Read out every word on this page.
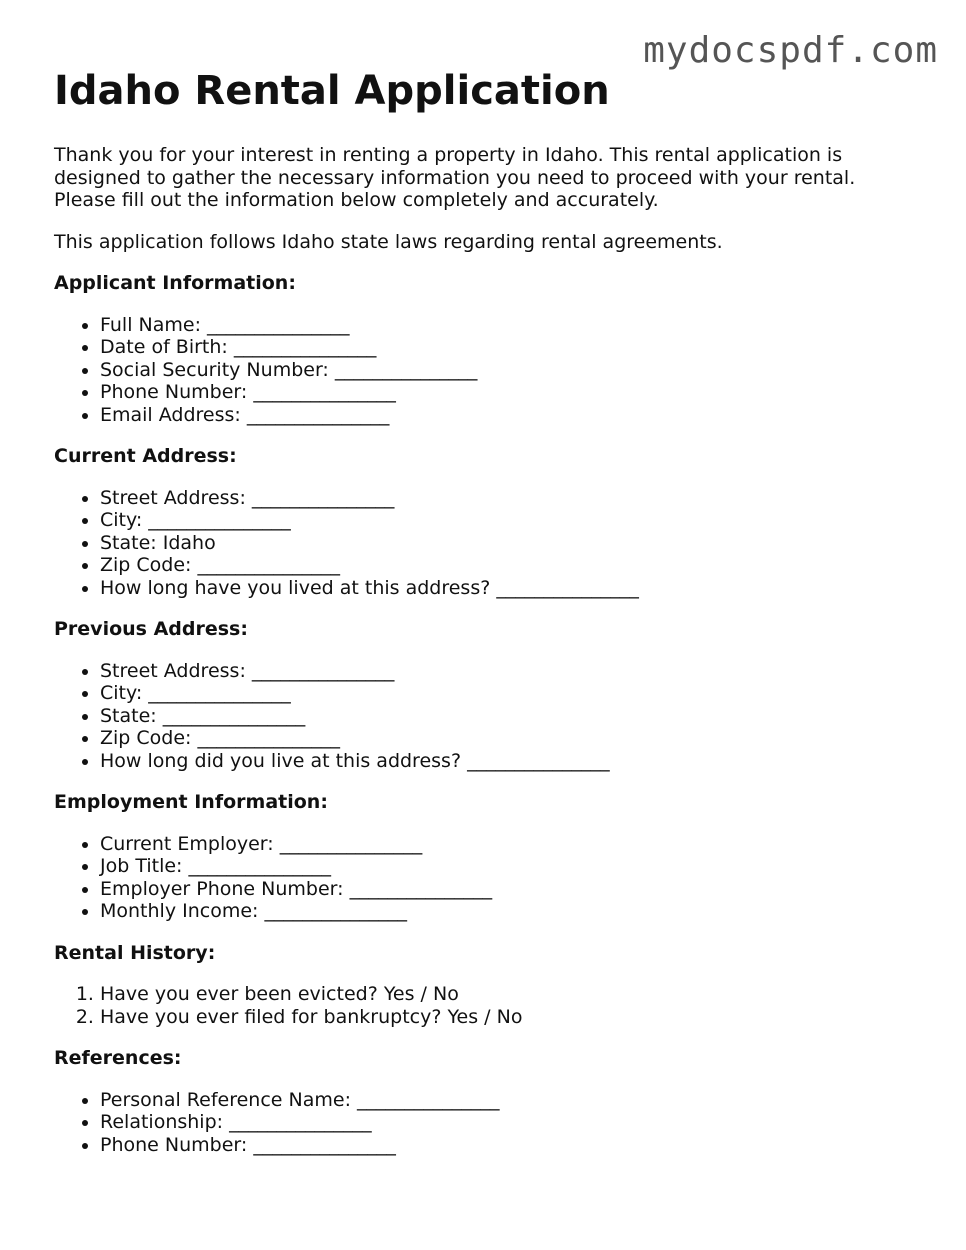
mydocspdf.com
Idaho Rental Application

Thank you for your interest in renting a property in Idaho. This rental application is designed to gather the necessary information you need to proceed with your rental. Please fill out the information below completely and accurately.

This application follows Idaho state laws regarding rental agreements.

Applicant Information:
• Full Name: _______________
• Date of Birth: _______________
• Social Security Number: _______________
• Phone Number: _______________
• Email Address: _______________
Current Address:
• Street Address: _______________
• City: _______________
• State: Idaho
• Zip Code: _______________
• How long have you lived at this address? _______________
Previous Address:
• Street Address: _______________
• City: _______________
• State: _______________
• Zip Code: _______________
• How long did you live at this address? _______________
Employment Information:
• Current Employer: _______________
• Job Title: _______________
• Employer Phone Number: _______________
• Monthly Income: _______________
Rental History:
1. Have you ever been evicted? Yes / No
2. Have you ever filed for bankruptcy? Yes / No
References:
• Personal Reference Name: _______________
• Relationship: _______________
• Phone Number: _______________
